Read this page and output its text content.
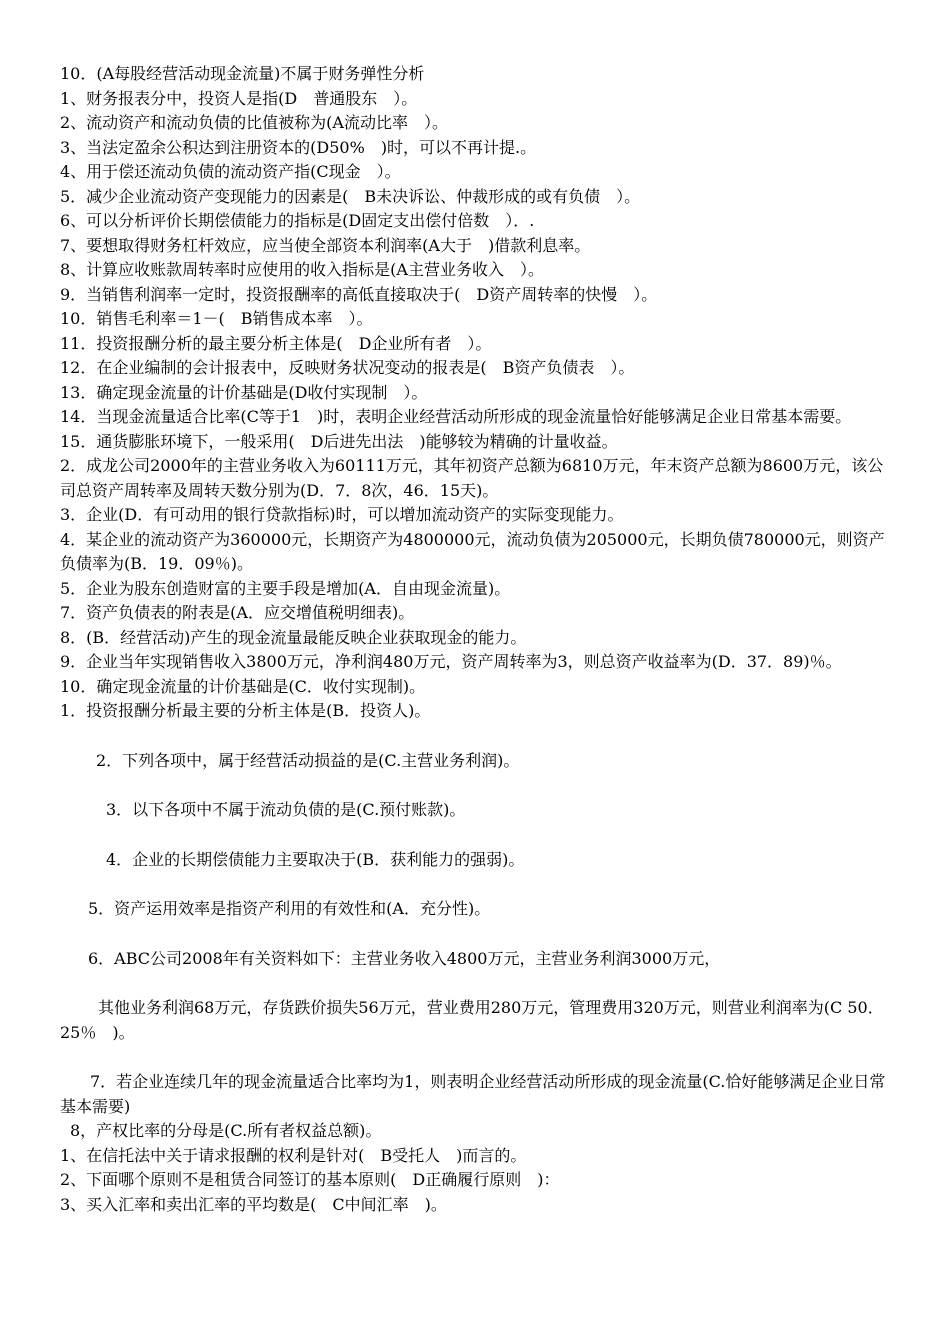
10．(A每股经营活动现金流量)不属于财务弹性分析

1、财务报表分中，投资人是指(D　普通股东　）。

2、流动资产和流动负债的比值被称为(A流动比率　）。

3、当法定盈余公积达到注册资本的(D50%　)时，可以不再计提.。

4、用于偿还流动负债的流动资产指(C现金　）。

5．减少企业流动资产变现能力的因素是(　B未决诉讼、仲裁形成的或有负债　）。

6、可以分析评价长期偿债能力的指标是(D固定支出偿付倍数　）．.

7、要想取得财务杠杆效应，应当使全部资本利润率(A大于　)借款利息率。

8、计算应收账款周转率时应使用的收入指标是(A主营业务收入　）。

9．当销售利润率一定时，投资报酬率的高低直接取决于(　D资产周转率的快慢　）。

10．销售毛利率＝1－(　B销售成本率　）。

11．投资报酬分析的最主要分析主体是(　D企业所有者　）。

12．在企业编制的会计报表中，反映财务状况变动的报表是(　B资产负债表　）。

13．确定现金流量的计价基础是(D收付实现制　）。

14．当现金流量适合比率(C等于1　)时，表明企业经营活动所形成的现金流量恰好能够满足企业日常基本需要。

15．通货膨胀环境下，一般采用(　D后进先出法　)能够较为精确的计量收益。

2．成龙公司2000年的主营业务收入为60111万元，其年初资产总额为6810万元，年末资产总额为8600万元，该公司总资产周转率及周转天数分别为(D．7．8次，46．15天)。

3．企业(D．有可动用的银行贷款指标)时，可以增加流动资产的实际变现能力。

4．某企业的流动资产为360000元，长期资产为4800000元，流动负债为205000元，长期负债780000元，则资产负债率为(B．19．09％)。

5．企业为股东创造财富的主要手段是增加(A．自由现金流量)。

7．资产负债表的附表是(A．应交增值税明细表)。

8．(B．经营活动)产生的现金流量最能反映企业获取现金的能力。

9．企业当年实现销售收入3800万元，净利润480万元，资产周转率为3，则总资产收益率为(D．37．89)％。

10．确定现金流量的计价基础是(C．收付实现制)。

1．投资报酬分析最主要的分析主体是(B．投资人)。

2．下列各项中，属于经营活动损益的是(C.主营业务利润)。

3．以下各项中不属于流动负债的是(C.预付账款)。

4．企业的长期偿债能力主要取决于(B．获利能力的强弱)。

5．资产运用效率是指资产利用的有效性和(A．充分性)。

6．ABC公司2008年有关资料如下：主营业务收入4800万元，主营业务利润3000万元，

其他业务利润68万元，存货跌价损失56万元，营业费用280万元，管理费用320万元，则营业利润率为(C 50．25％　)。

7．若企业连续几年的现金流量适合比率均为1，则表明企业经营活动所形成的现金流量(C.恰好能够满足企业日常基本需要)

8，产权比率的分母是(C.所有者权益总额)。

1、在信托法中关于请求报酬的权利是针对(　B受托人　)而言的。

2、下面哪个原则不是租赁合同签订的基本原则(　D正确履行原则　)：

3、买入汇率和卖出汇率的平均数是(　C中间汇率　)。
